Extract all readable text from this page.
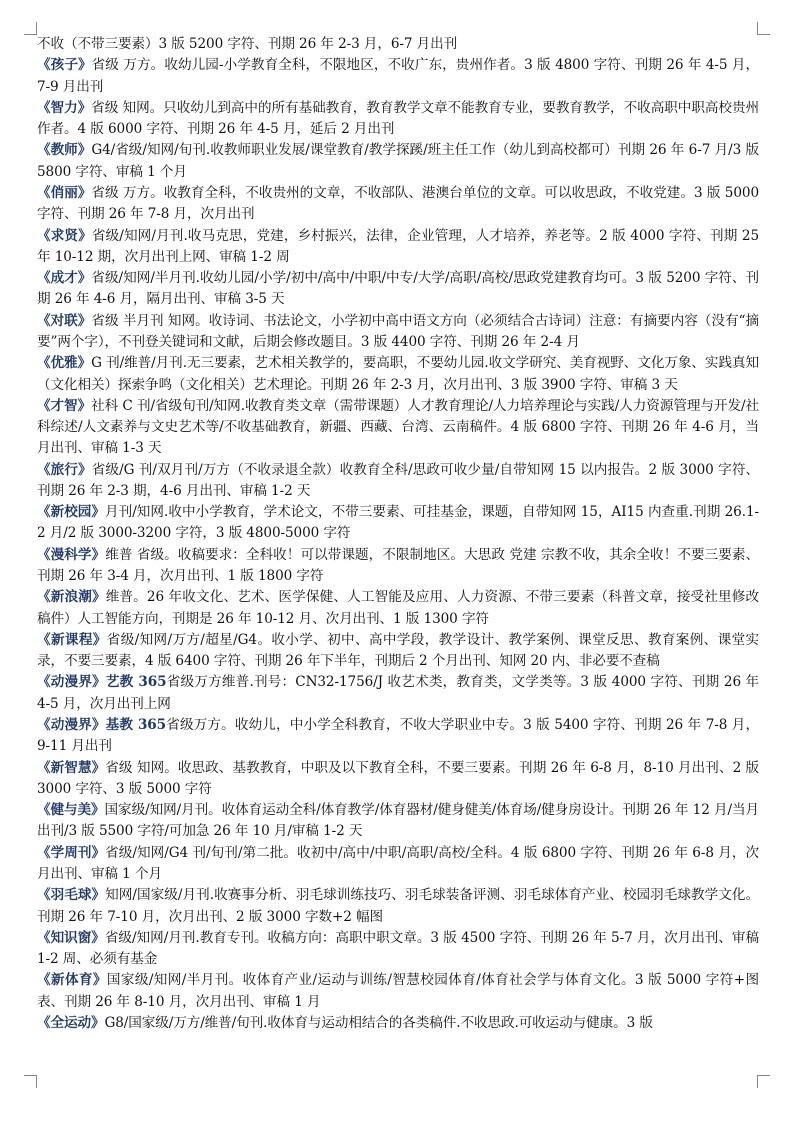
不收（不带三要素）3 版 5200 字符、刊期 26 年 2-3 月，6-7 月出刊

《孩子》省级 万方。收幼儿园-小学教育全科，不限地区，不收广东，贵州作者。3 版 4800 字符、刊期 26 年 4-5 月，7-9 月出刊

《智力》省级 知网。只收幼儿到高中的所有基础教育，教育教学文章不能教育专业，要教育教学，不收高职中职高校贵州作者。4 版 6000 字符、刊期 26 年 4-5 月，延后 2 月出刊

《教师》G4/省级/知网/旬刊.收教师职业发展/课堂教育/教学探蹊/班主任工作（幼儿到高校都可）刊期 26 年 6-7 月/3 版 5800 字符、审稿 1 个月

《俏丽》省级 万方。收教育全科，不收贵州的文章，不收部队、港澳台单位的文章。可以收思政，不收党建。3 版 5000 字符、刊期 26 年 7-8 月，次月出刊

《求贤》省级/知网/月刊.收马克思，党建，乡村振兴，法律，企业管理，人才培养，养老等。2 版 4000 字符、刊期 25 年 10-12 期，次月出刊上网、审稿 1-2 周

《成才》省级/知网/半月刊.收幼儿园/小学/初中/高中/中职/中专/大学/高职/高校/思政党建教育均可。3 版 5200 字符、刊期 26 年 4-6 月，隔月出刊、审稿 3-5 天

《对联》省级 半月刊 知网。收诗词、书法论文，小学初中高中语文方向（必须结合古诗词）注意：有摘要内容（没有“摘要”两个字），不刊登关键词和文献，后期会修改题目。3 版 4400 字符、刊期 26 年 2-4 月

《优雅》G 刊/维普/月刊.无三要素，艺术相关教学的，要高职，不要幼儿园.收文学研究、美育视野、文化万象、实践真知（文化相关）探索争鸣（文化相关）艺术理论。刊期 26 年 2-3 月，次月出刊、3 版 3900 字符、审稿 3 天

《才智》社科 C 刊/省级旬刊/知网.收教育类文章（需带课题）人才教育理论/人力培养理论与实践/人力资源管理与开发/社科综述/人文素养与文史艺术等/不收基础教育，新疆、西藏、台湾、云南稿件。4 版 6800 字符、刊期 26 年 4-6 月，当月出刊、审稿 1-3 天

《旅行》省级/G 刊/双月刊/万方（不收录退全款）收教育全科/思政可收少量/自带知网 15 以内报告。2 版 3000 字符、刊期 26 年 2-3 期，4-6 月出刊、审稿 1-2 天

《新校园》月刊/知网.收中小学教育，学术论文，不带三要素、可挂基金，课题，自带知网 15，AI15 内查重.刊期 26.1-2 月/2 版 3000-3200 字符，3 版 4800-5000 字符

《漫科学》维普 省级。收稿要求：全科收！可以带课题，不限制地区。大思政 党建 宗教不收，其余全收！不要三要素、刊期 26 年 3-4 月，次月出刊、1 版 1800 字符

《新浪潮》维普。26 年收文化、艺术、医学保健、人工智能及应用、人力资源、不带三要素（科普文章，接受社里修改稿件）人工智能方向，刊期是 26 年 10-12 月、次月出刊、1 版 1300 字符

《新课程》省级/知网/万方/超星/G4。收小学、初中、高中学段，教学设计、教学案例、课堂反思、教育案例、课堂实录，不要三要素，4 版 6400 字符、刊期 26 年下半年，刊期后 2 个月出刊、知网 20 内、非必要不查稿

《动漫界》艺教 365省级万方维普.刊号：CN32-1756/J 收艺术类，教育类，文学类等。3 版 4000 字符、刊期 26 年 4-5 月，次月出刊上网

《动漫界》基教 365省级万方。收幼儿，中小学全科教育，不收大学职业中专。3 版 5400 字符、刊期 26 年 7-8 月，9-11 月出刊

《新智慧》省级 知网。收思政、基教教育，中职及以下教育全科，不要三要素。刊期 26 年 6-8 月，8-10 月出刊、2 版 3000 字符、3 版 5000 字符

《健与美》国家级/知网/月刊。收体育运动全科/体育教学/体育器材/健身健美/体育场/健身房设计。刊期 26 年 12 月/当月出刊/3 版 5500 字符/可加急 26 年 10 月/审稿 1-2 天

《学周刊》省级/知网/G4 刊/旬刊/第二批。收初中/高中/中职/高职/高校/全科。4 版 6800 字符、刊期 26 年 6-8 月，次月出刊、审稿 1 个月

《羽毛球》知网/国家级/月刊.收赛事分析、羽毛球训练技巧、羽毛球装备评测、羽毛球体育产业、校园羽毛球教学文化。刊期 26 年 7-10 月，次月出刊、2 版 3000 字数+2 幅图

《知识窗》省级/知网/月刊.教育专刊。收稿方向：高职中职文章。3 版 4500 字符、刊期 26 年 5-7 月，次月出刊、审稿 1-2 周、必须有基金

《新体育》国家级/知网/半月刊。收体育产业/运动与训练/智慧校园体育/体育社会学与体育文化。3 版 5000 字符+图表、刊期 26 年 8-10 月，次月出刊、审稿 1 月

《全运动》G8/国家级/万方/维普/旬刊.收体育与运动相结合的各类稿件.不收思政.可收运动与健康。3 版
